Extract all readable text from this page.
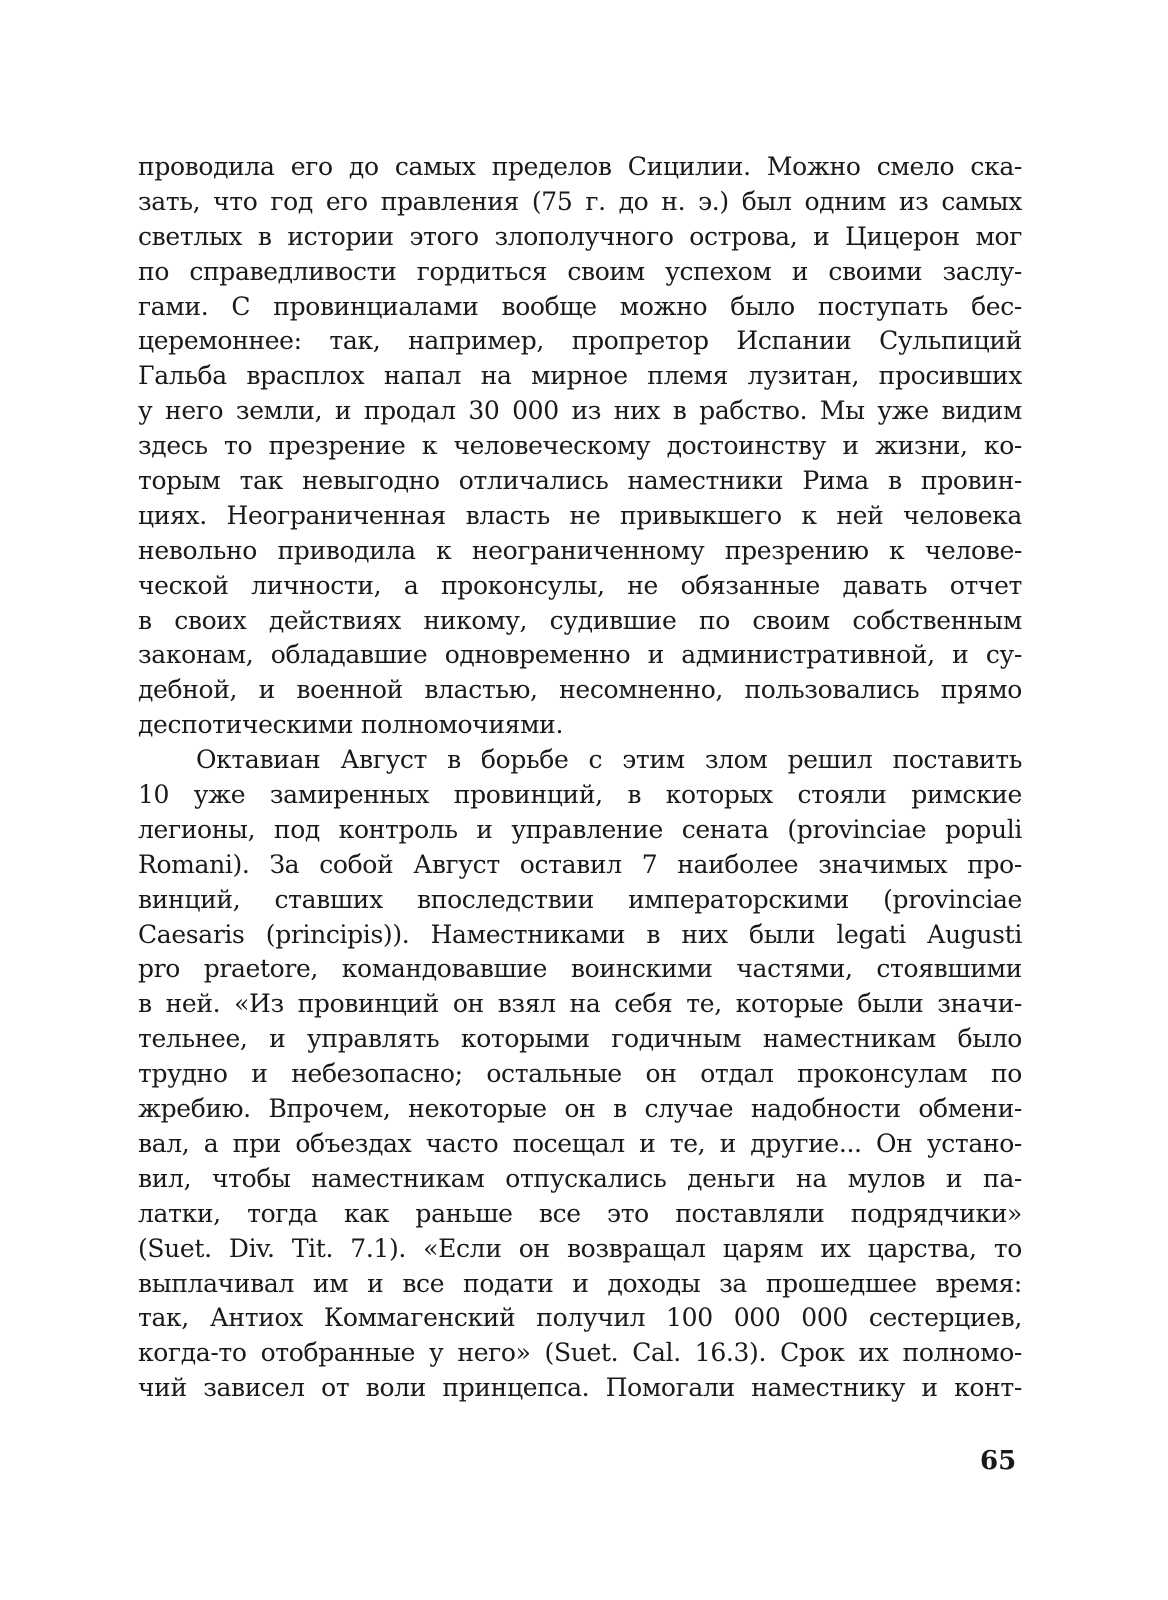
проводила его до самых пределов Сицилии. Можно смело ска-
зать, что год его правления (75 г. до н. э.) был одним из самых
светлых в истории этого злополучного острова, и Цицерон мог
по справедливости гордиться своим успехом и своими заслу-
гами. С провинциалами вообще можно было поступать бес-
церемоннее: так, например, пропретор Испании Сульпиций
Гальба врасплох напал на мирное племя лузитан, просивших
у него земли, и продал 30 000 из них в рабство. Мы уже видим
здесь то презрение к человеческому достоинству и жизни, ко-
торым так невыгодно отличались наместники Рима в провин-
циях. Неограниченная власть не привыкшего к ней человека
невольно приводила к неограниченному презрению к челове-
ческой личности, а проконсулы, не обязанные давать отчет
в своих действиях никому, судившие по своим собственным
законам, обладавшие одновременно и административной, и су-
дебной, и военной властью, несомненно, пользовались прямо
деспотическими полномочиями.
Октавиан Август в борьбе с этим злом решил поставить
10 уже замиренных провинций, в которых стояли римские
легионы, под контроль и управление сената (provinciae populi
Romani). За собой Август оставил 7 наиболее значимых про-
винций, ставших впоследствии императорскими (provinciae
Caesaris (principis)). Наместниками в них были legati Augusti
pro praetore, командовавшие воинскими частями, стоявшими
в ней. «Из провинций он взял на себя те, которые были значи-
тельнее, и управлять которыми годичным наместникам было
трудно и небезопасно; остальные он отдал проконсулам по
жребию. Впрочем, некоторые он в случае надобности обмени-
вал, а при объездах часто посещал и те, и другие... Он устано-
вил, чтобы наместникам отпускались деньги на мулов и па-
латки, тогда как раньше все это поставляли подрядчики»
(Suet. Div. Tit. 7.1). «Если он возвращал царям их царства, то
выплачивал им и все подати и доходы за прошедшее время:
так, Антиох Коммагенский получил 100 000 000 сестерциев,
когда-то отобранные у него» (Suet. Cal. 16.3). Срок их полномо-
чий зависел от воли принцепса. Помогали наместнику и конт-
65
